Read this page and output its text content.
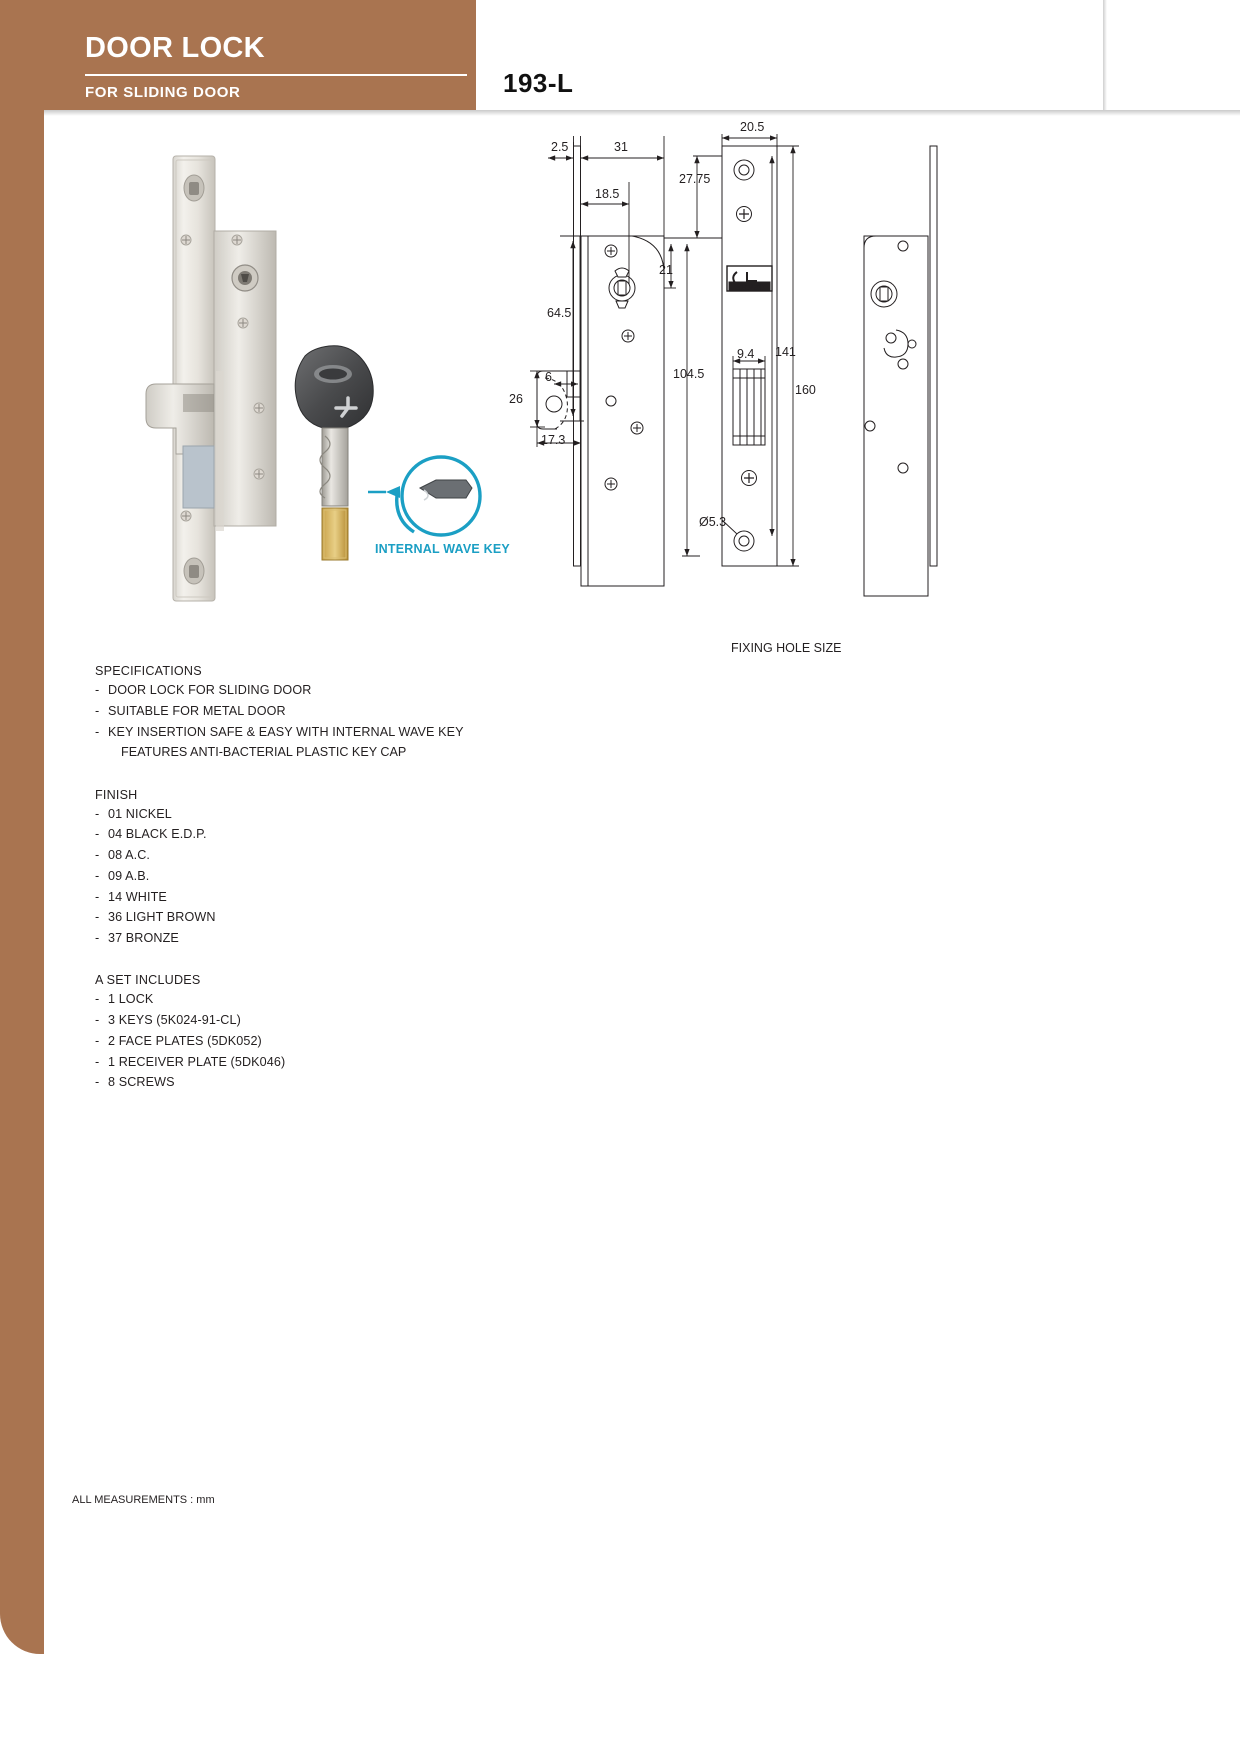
DOOR LOCK
FOR SLIDING DOOR	193-L
2.5	31
18.5
64.5
26
6
17.3
CyberLock
20.5
27.75
21
104.5
9.4 141
160
Ø5.3
INTERNAL WAVE KEY
FIXING HOLE SIZE
SPECIFICATIONS
- DOOR LOCK FOR SLIDING DOOR
- SUITABLE FOR METAL DOOR
- KEY INSERTION SAFE & EASY WITH INTERNAL WAVE KEY
FEATURES ANTI-BACTERIAL PLASTIC KEY CAP
FINISH
- 01 NICKEL
- 04 BLACK E.D.P.
- 08 A.C.
- 09 A.B.
- 14 WHITE
- 36 LIGHT BROWN
- 37 BRONZE
A SET INCLUDES
- 1 LOCK
- 3 KEYS (5K024-91-CL)
- 2 FACE PLATES (5DK052)
- 1 RECEIVER PLATE (5DK046)
- 8 SCREWS
ALL MEASUREMENTS : mm
